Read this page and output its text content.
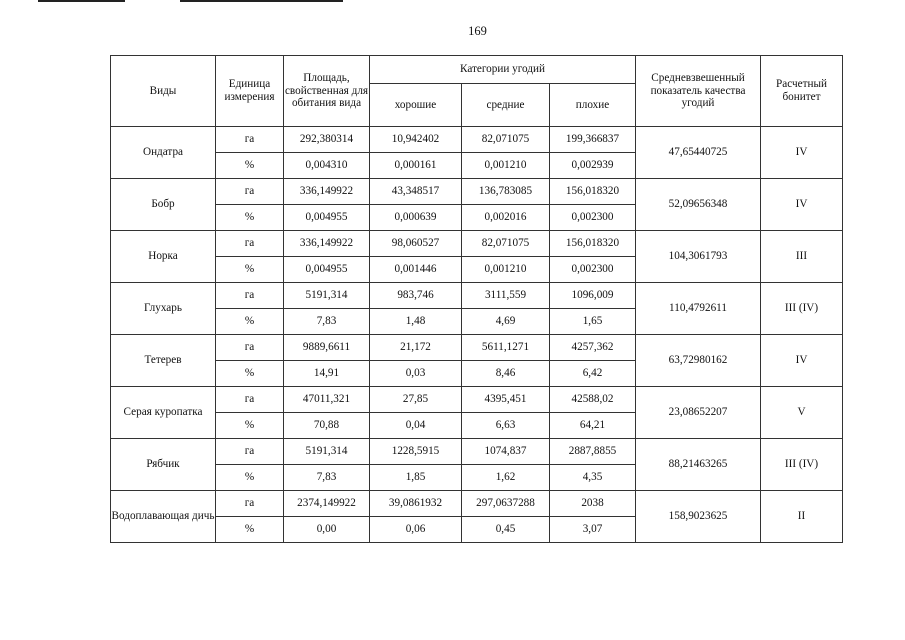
169
Виды	Единица измерения	Площадь, свойственная для обитания вида	Категории угодий			Средневзвешенный показатель качества угодий	Расчетный бонитет
			хорошие	средние	плохие		
Ондатра	га	292,380314	10,942402	82,071075	199,366837	47,65440725	IV
	%	0,004310	0,000161	0,001210	0,002939		
Бобр	га	336,149922	43,348517	136,783085	156,018320	52,09656348	IV
	%	0,004955	0,000639	0,002016	0,002300		
Норка	га	336,149922	98,060527	82,071075	156,018320	104,3061793	III
	%	0,004955	0,001446	0,001210	0,002300		
Глухарь	га	5191,314	983,746	3111,559	1096,009	110,4792611	III (IV)
	%	7,83	1,48	4,69	1,65		
Тетерев	га	9889,6611	21,172	5611,1271	4257,362	63,72980162	IV
	%	14,91	0,03	8,46	6,42		
Серая куропатка	га	47011,321	27,85	4395,451	42588,02	23,08652207	V
	%	70,88	0,04	6,63	64,21		
Рябчик	га	5191,314	1228,5915	1074,837	2887,8855	88,21463265	III (IV)
	%	7,83	1,85	1,62	4,35		
Водоплавающая дичь	га	2374,149922	39,0861932	297,0637288	2038	158,9023625	II
	%	0,00	0,06	0,45	3,07		
